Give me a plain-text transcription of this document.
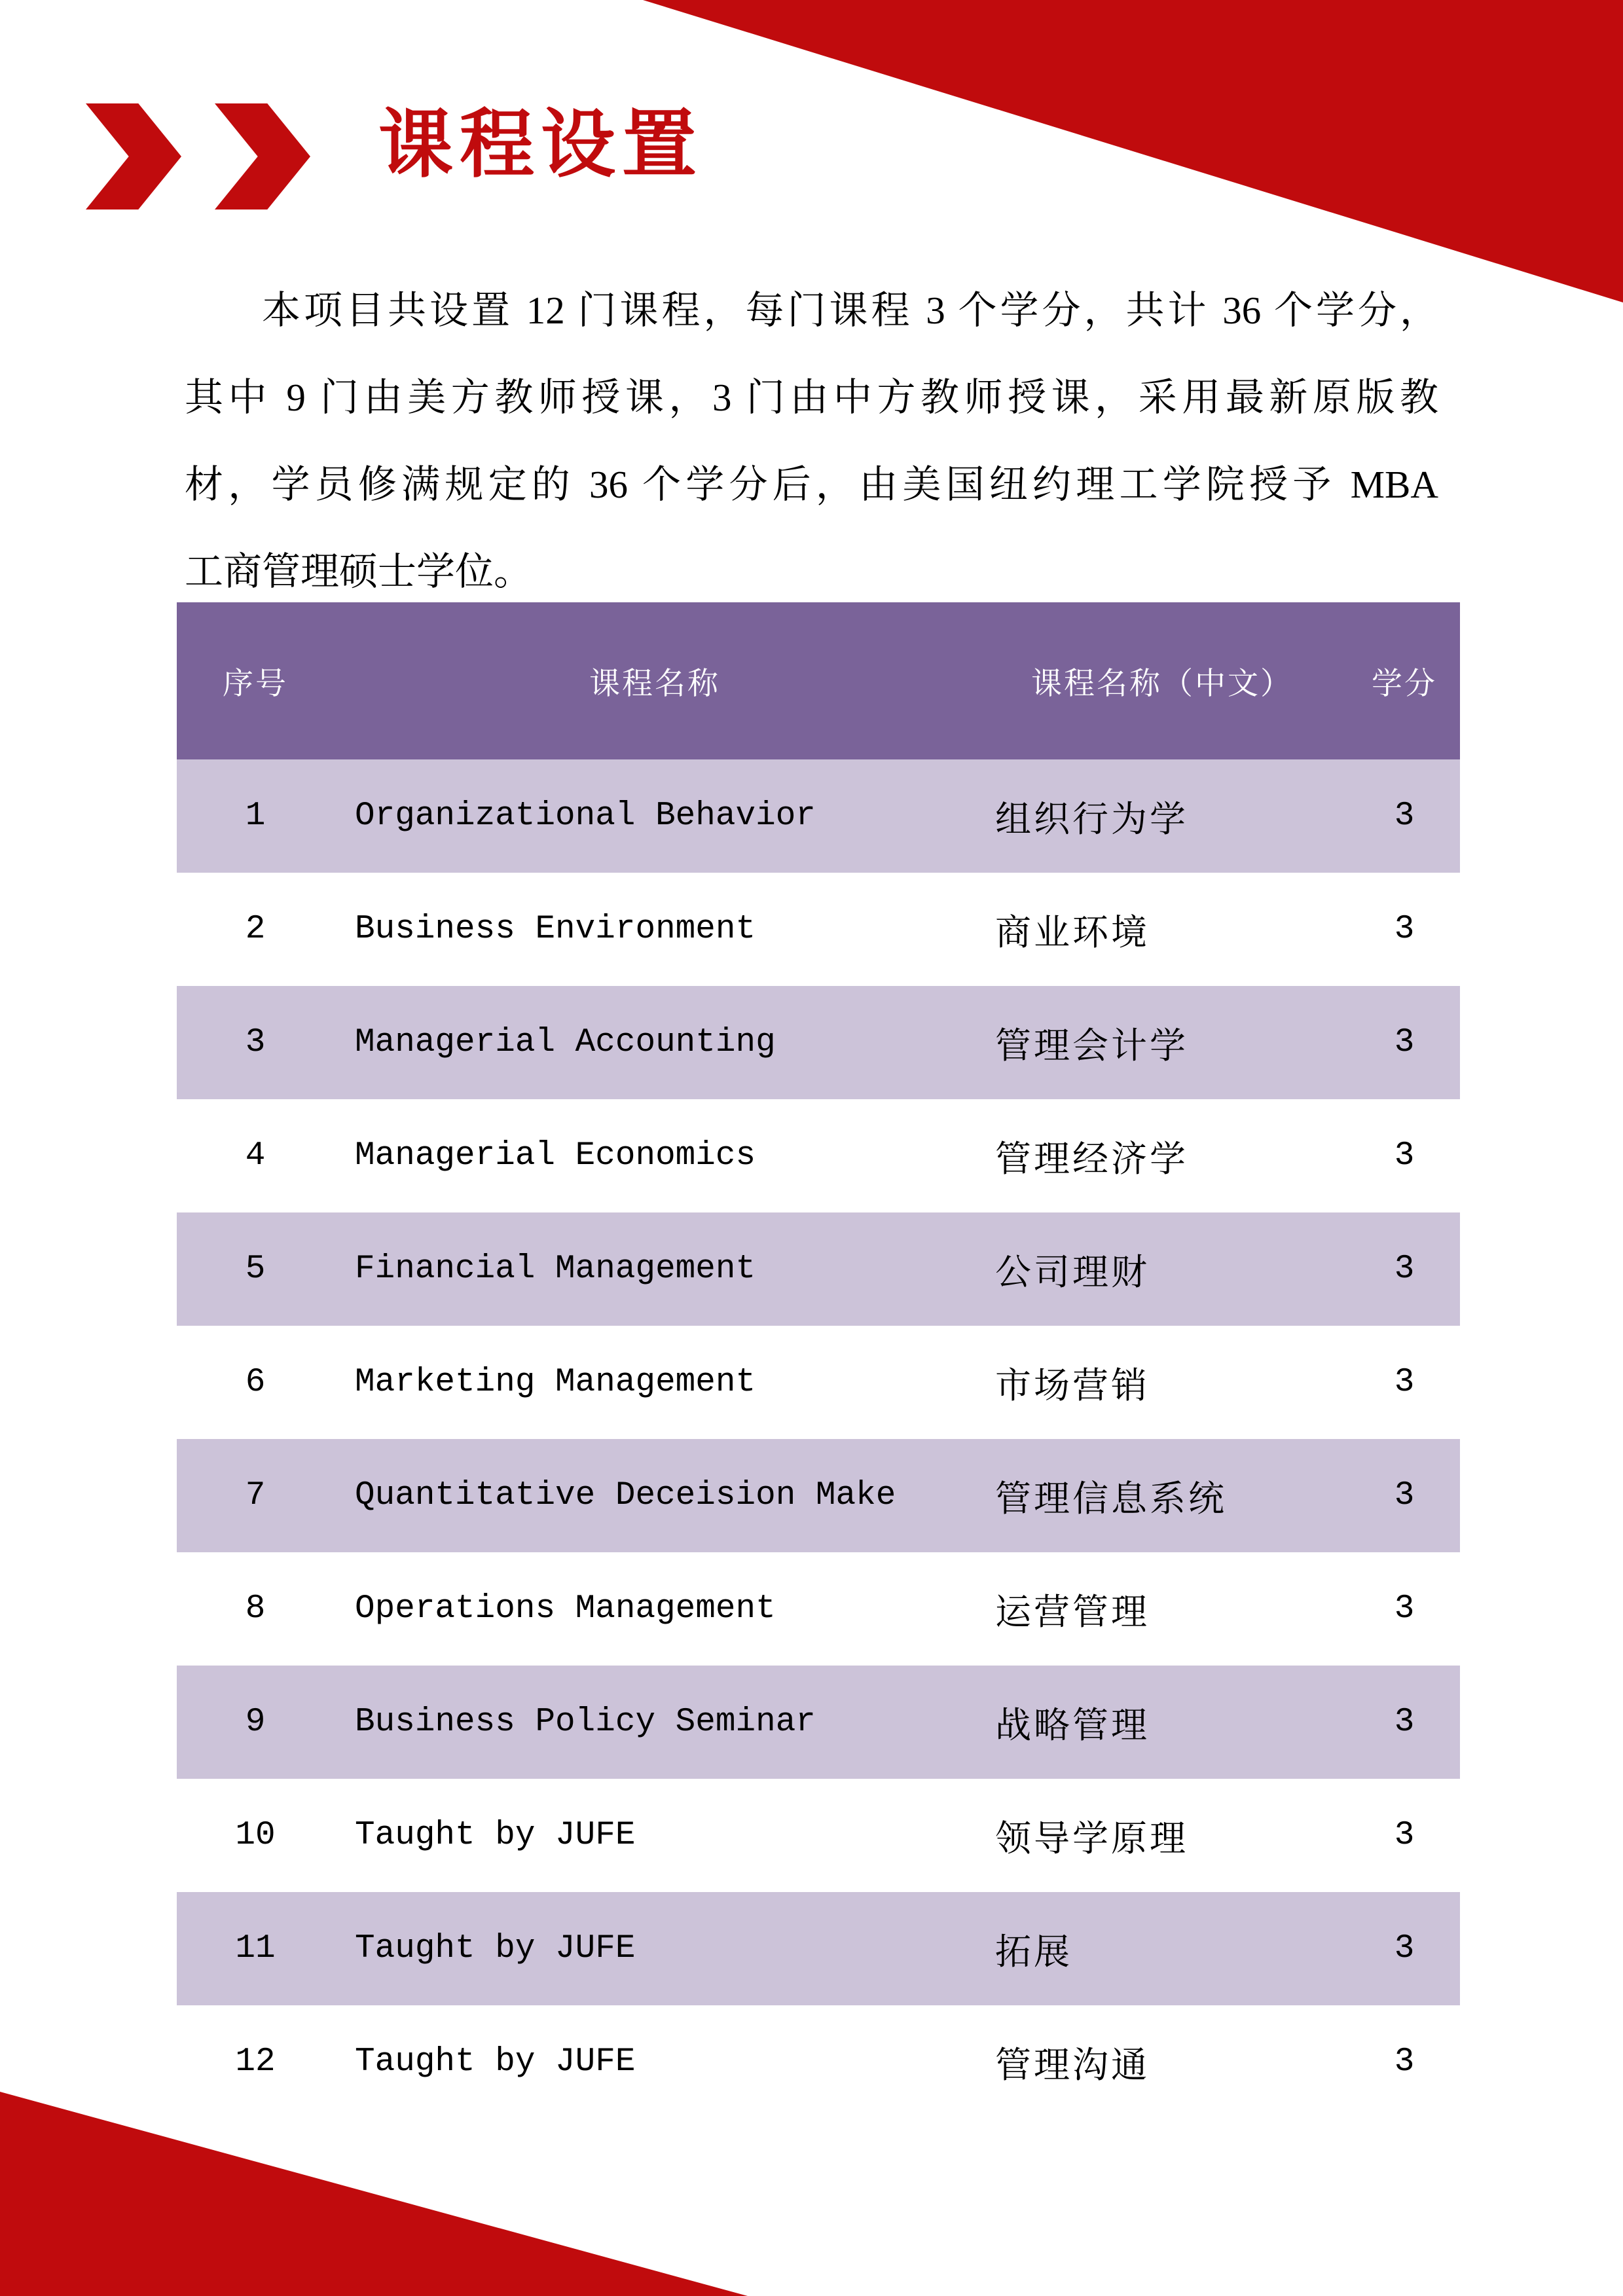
课程设置
本项目共设置 12 门课程，每门课程 3 个学分，共计 36 个学分，
其中 9 门由美方教师授课，3 门由中方教师授课，采用最新原版教
材，学员修满规定的 36 个学分后，由美国纽约理工学院授予 MBA
工商管理硕士学位。
序号	课程名称	课程名称（中文）	学分
1	Organizational Behavior	组织行为学	3
2	Business Environment	商业环境	3
3	Managerial Accounting	管理会计学	3
4	Managerial Economics	管理经济学	3
5	Financial Management	公司理财	3
6	Marketing Management	市场营销	3
7	Quantitative Deceision Make	管理信息系统	3
8	Operations Management	运营管理	3
9	Business Policy Seminar	战略管理	3
10	Taught by JUFE	领导学原理	3
11	Taught by JUFE	拓展	3
12	Taught by JUFE	管理沟通	3
